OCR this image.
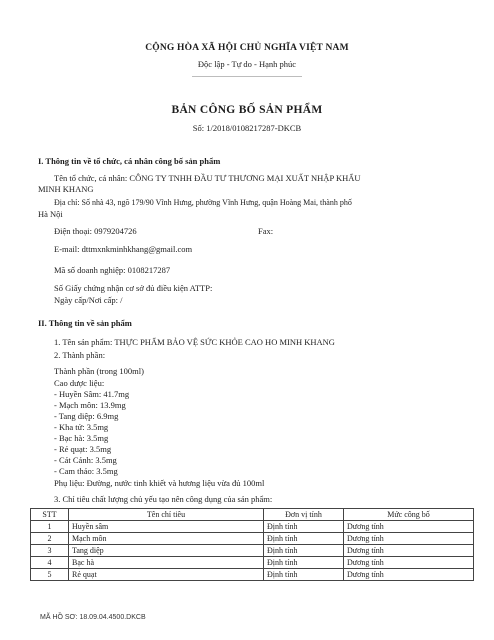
CỘNG HÒA XÃ HỘI CHỦ NGHĨA VIỆT NAM
Độc lập - Tự do - Hạnh phúc
BẢN CÔNG BỐ SẢN PHẨM
Số: 1/2018/0108217287-DKCB
I. Thông tin về tổ chức, cá nhân công bố sản phẩm
Tên tổ chức, cá nhân: CÔNG TY TNHH ĐẦU TƯ THƯƠNG MẠI XUẤT NHẬP KHẨU
MINH KHANG
Địa chỉ: Số nhà 43, ngõ 179/90 Vĩnh Hưng, phường Vĩnh Hưng, quận Hoàng Mai, thành phố
Hà Nội
Điện thoại: 0979204726	Fax:
E-mail: dttmxnkminhkhang@gmail.com
Mã số doanh nghiệp: 0108217287
Số Giấy chứng nhận cơ sở đủ điều kiện ATTP:
Ngày cấp/Nơi cấp: /
II. Thông tin về sản phẩm
1. Tên sản phẩm: THỰC PHẨM BẢO VỆ SỨC KHỎE CAO HO MINH KHANG
2. Thành phần:
Thành phần (trong 100ml)
Cao dược liệu:
- Huyền Sâm: 41.7mg
- Mạch môn: 13.9mg
- Tang diệp: 6.9mg
- Kha tử: 3.5mg
- Bạc hà: 3.5mg
- Rẻ quạt: 3.5mg
- Cát Cánh: 3.5mg
- Cam thảo: 3.5mg
Phụ liệu: Đường, nước tinh khiết và hương liệu vừa đủ 100ml
3. Chỉ tiêu chất lượng chủ yếu tạo nên công dụng của sản phẩm:
STT	Tên chỉ tiêu	Đơn vị tính	Mức công bố
1	Huyền sâm	Định tính	Dương tính
2	Mạch môn	Định tính	Dương tính
3	Tang diệp	Định tính	Dương tính
4	Bạc hà	Định tính	Dương tính
5	Rẻ quạt	Định tính	Dương tính
MÃ HỒ SƠ: 18.09.04.4500.DKCB
